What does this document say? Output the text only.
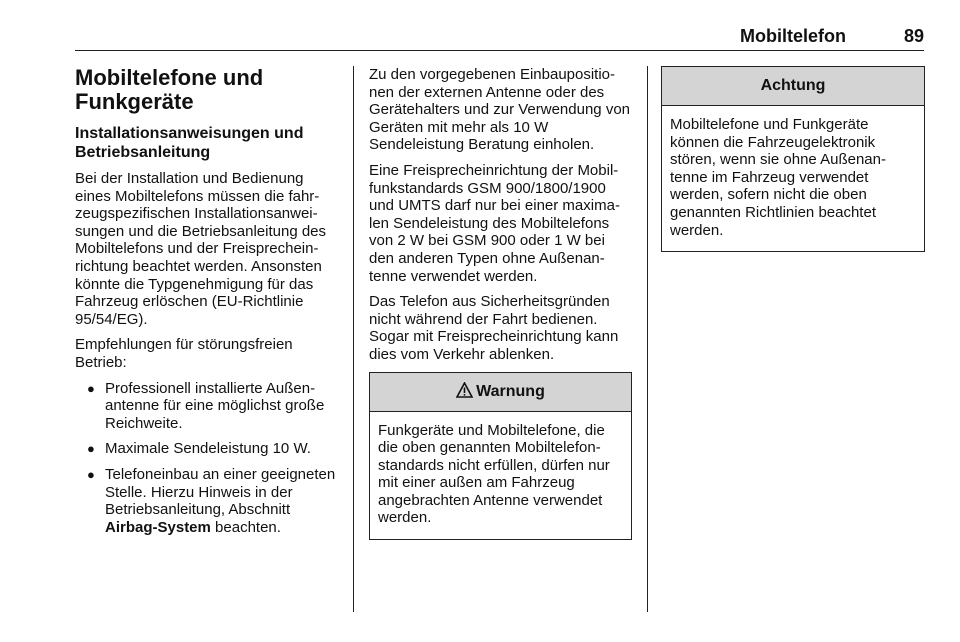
Mobiltelefon	89
Mobiltelefone und Funkgeräte
Installationsanweisungen und Betriebsanleitung

Bei der Installation und Bedienung eines Mobiltelefons müssen die fahrzeugspezifischen Installationsanweisungen und die Betriebsanleitung des Mobiltelefons und der Freisprecheinrichtung beachtet werden. Ansonsten könnte die Typgenehmigung für das Fahrzeug erlöschen (EU-Richtlinie 95/54/EG).

Empfehlungen für störungsfreien Betrieb:

● Professionell installierte Außenantenne für eine möglichst große Reichweite.
● Maximale Sendeleistung 10 W.
● Telefoneinbau an einer geeigneten Stelle. Hierzu Hinweis in der Betriebsanleitung, Abschnitt Airbag-System beachten.

Zu den vorgegebenen Einbaupositionen der externen Antenne oder des Gerätehalters und zur Verwendung von Geräten mit mehr als 10 W Sendeleistung Beratung einholen.

Eine Freisprecheinrichtung der Mobilfunkstandards GSM 900/1800/1900 und UMTS darf nur bei einer maximalen Sendeleistung des Mobiltelefons von 2 W bei GSM 900 oder 1 W bei den anderen Typen ohne Außenantenne verwendet werden.

Das Telefon aus Sicherheitsgründen nicht während der Fahrt bedienen. Sogar mit Freisprecheinrichtung kann dies vom Verkehr ablenken.

Warnung
Funkgeräte und Mobiltelefone, die die oben genannten Mobiltelefonstandards nicht erfüllen, dürfen nur mit einer außen am Fahrzeug angebrachten Antenne verwendet werden.
Achtung
Mobiltelefone und Funkgeräte können die Fahrzeugelektronik stören, wenn sie ohne Außenantenne im Fahrzeug verwendet werden, sofern nicht die oben genannten Richtlinien beachtet werden.
